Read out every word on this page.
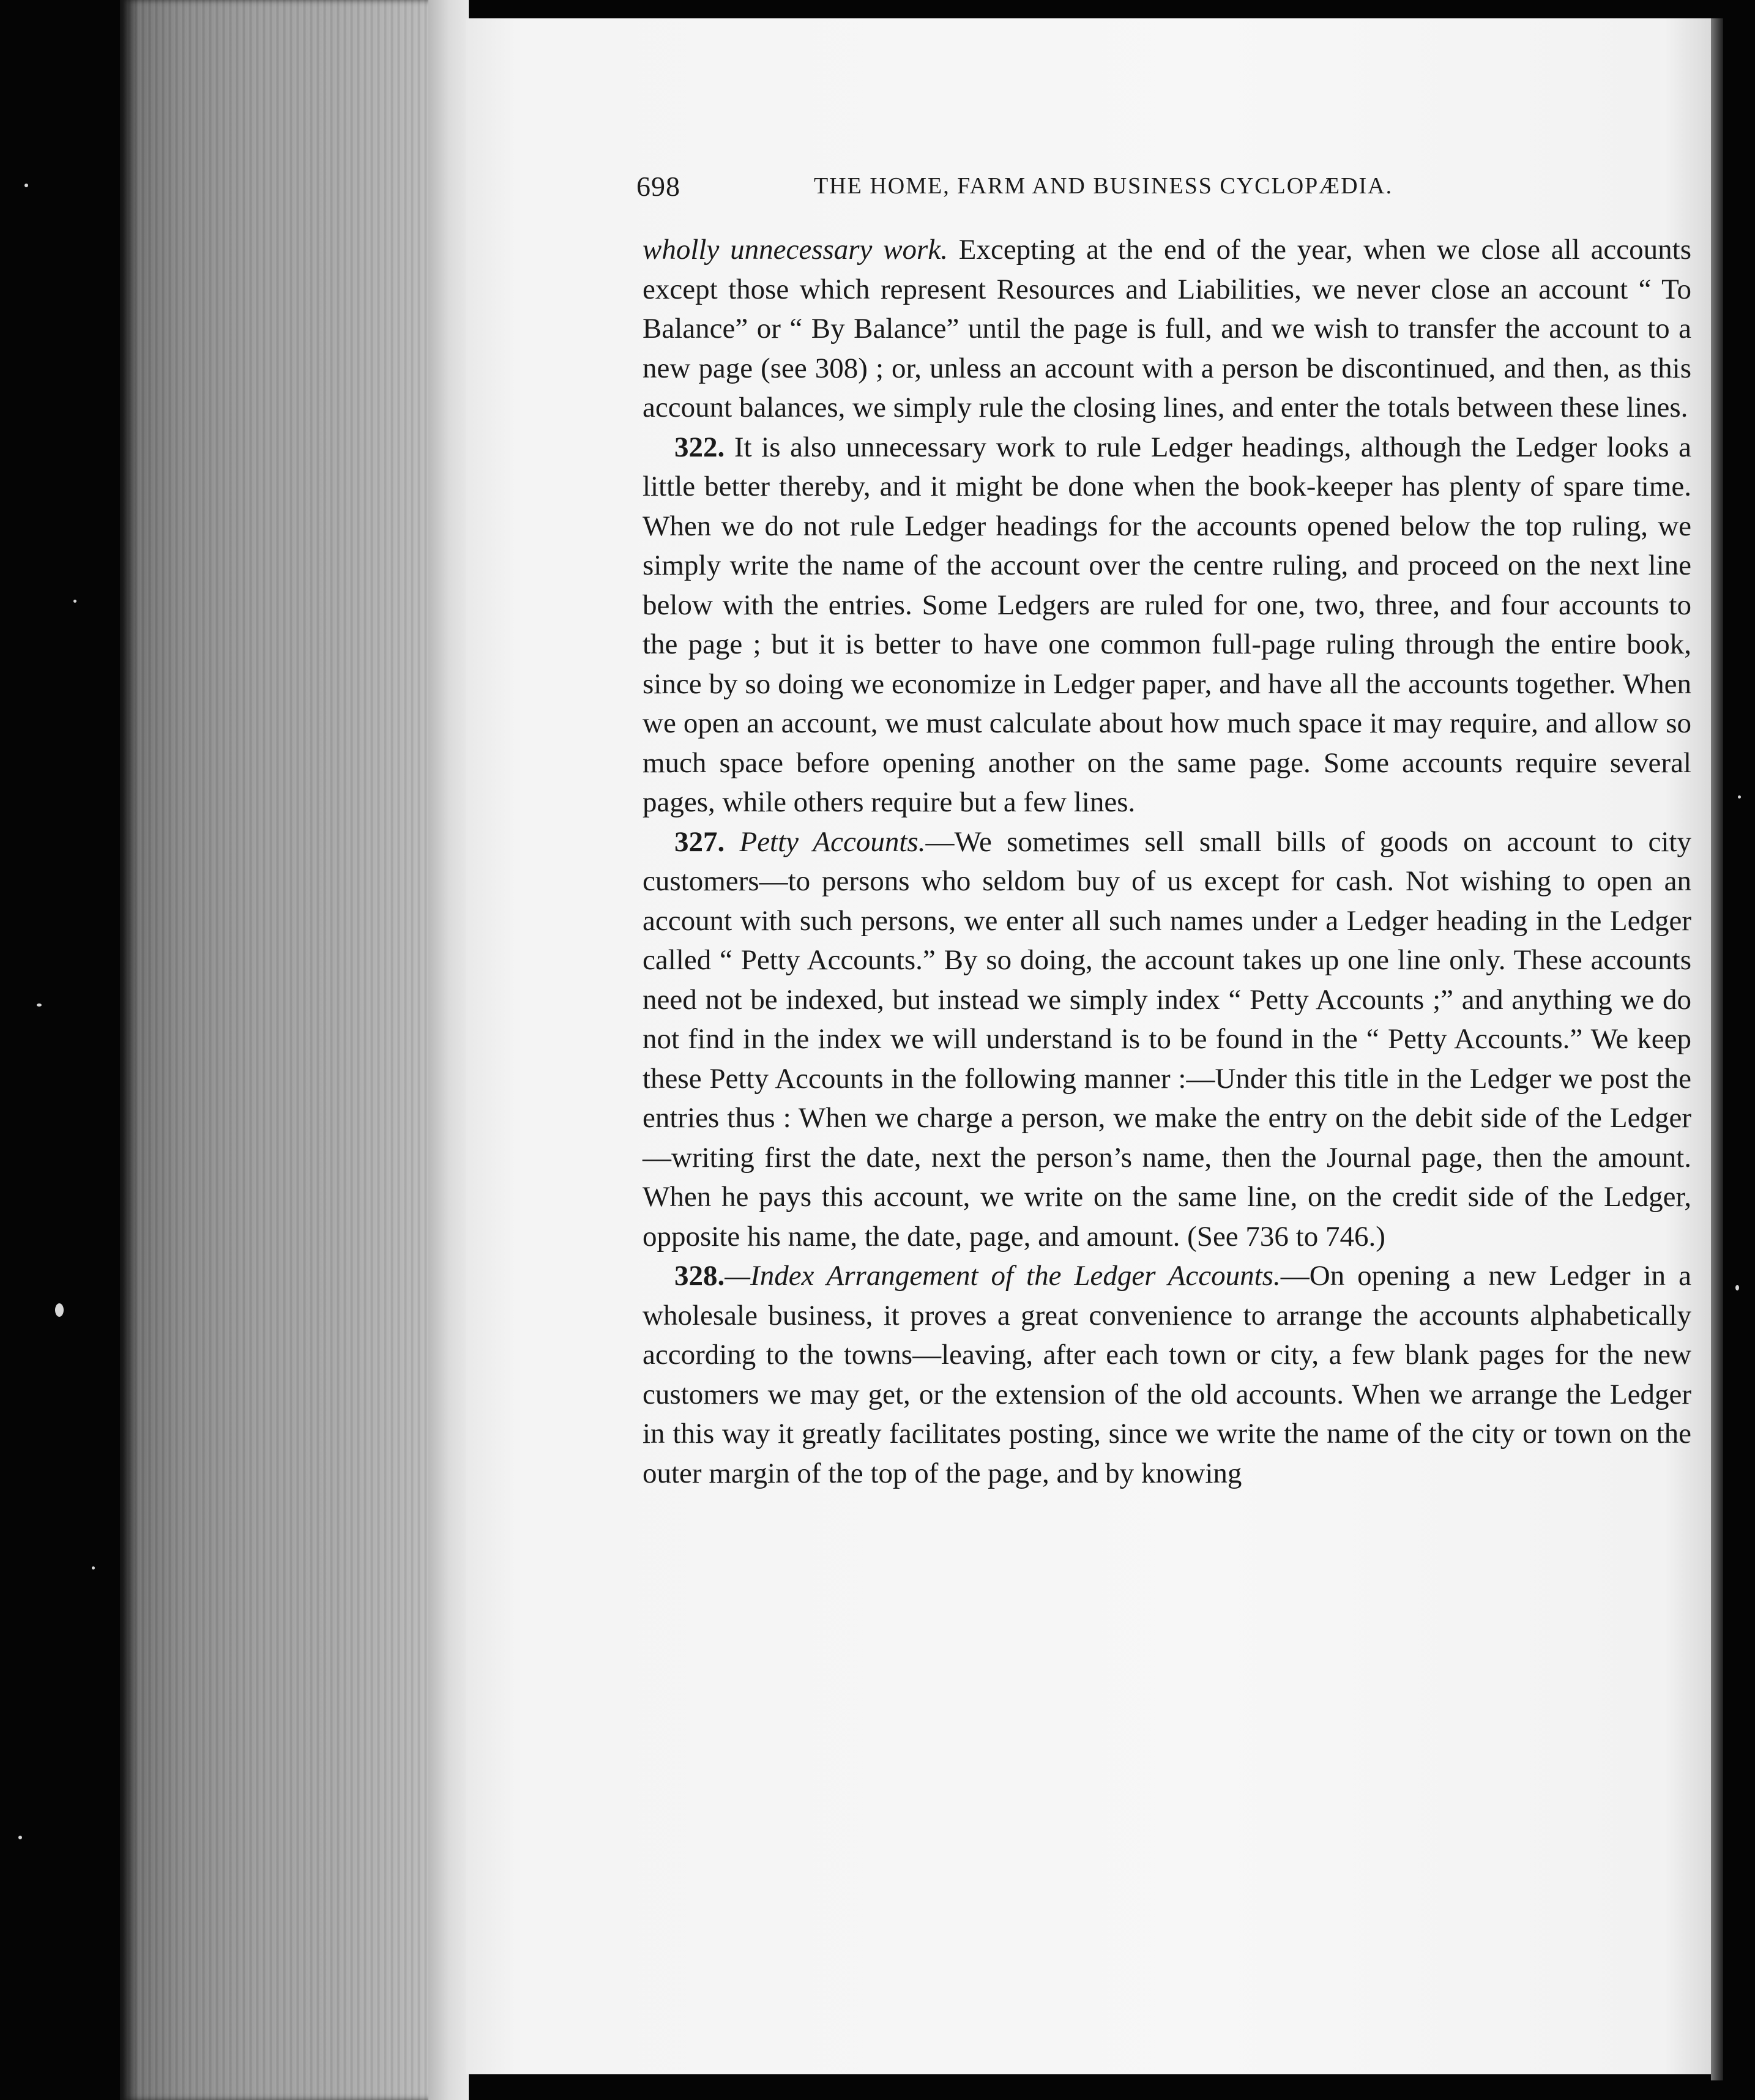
698	THE HOME, FARM AND BUSINESS CYCLOPÆDIA.

wholly unnecessary work. Excepting at the end of the year, when we close all accounts except those which represent Resources and Liabilities, we never close an account “ To Balance” or “ By Balance” until the page is full, and we wish to transfer the account to a new page (see 308) ; or, unless an account with a person be discontinued, and then, as this account balances, we simply rule the closing lines, and enter the totals between these lines.

322. It is also unnecessary work to rule Ledger headings, although the Ledger looks a little better thereby, and it might be done when the book-keeper has plenty of spare time. When we do not rule Ledger headings for the accounts opened below the top ruling, we simply write the name of the account over the centre ruling, and proceed on the next line below with the entries. Some Ledgers are ruled for one, two, three, and four accounts to the page ; but it is better to have one common full-page ruling through the entire book, since by so doing we economize in Ledger paper, and have all the accounts together. When we open an account, we must calculate about how much space it may require, and allow so much space before opening another on the same page. Some accounts require several pages, while others require but a few lines.

327. Petty Accounts.—We sometimes sell small bills of goods on account to city customers—to persons who seldom buy of us except for cash. Not wishing to open an account with such persons, we enter all such names under a Ledger heading in the Ledger called “ Petty Accounts.” By so doing, the account takes up one line only. These accounts need not be indexed, but instead we simply index “ Petty Accounts ;” and anything we do not find in the index we will understand is to be found in the “ Petty Accounts.” We keep these Petty Accounts in the following manner :—Under this title in the Ledger we post the entries thus : When we charge a person, we make the entry on the debit side of the Ledger—writing first the date, next the person’s name, then the Journal page, then the amount. When he pays this account, we write on the same line, on the credit side of the Ledger, opposite his name, the date, page, and amount. (See 736 to 746.)

328.—Index Arrangement of the Ledger Accounts.—On opening a new Ledger in a wholesale business, it proves a great convenience to arrange the accounts alphabetically according to the towns—leaving, after each town or city, a few blank pages for the new customers we may get, or the extension of the old accounts. When we arrange the Ledger in this way it greatly facilitates posting, since we write the name of the city or town on the outer margin of the top of the page, and by knowing
